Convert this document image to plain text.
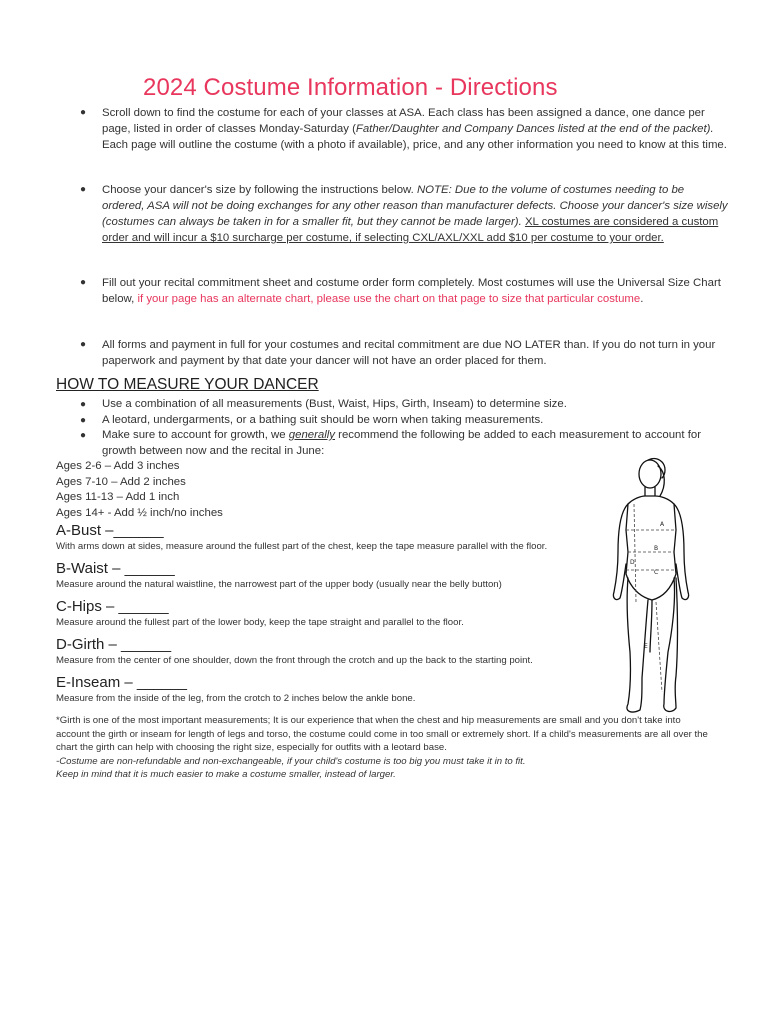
2024 Costume Information - Directions
● Scroll down to find the costume for each of your classes at ASA. Each class has been assigned a dance, one dance per page, listed in order of classes Monday-Saturday (Father/Daughter and Company Dances listed at the end of the packet). Each page will outline the costume (with a photo if available), price, and any other information you need to know at this time.
● Choose your dancer's size by following the instructions below. NOTE: Due to the volume of costumes needing to be ordered, ASA will not be doing exchanges for any other reason than manufacturer defects. Choose your dancer's size wisely (costumes can always be taken in for a smaller fit, but they cannot be made larger). XL costumes are considered a custom order and will incur a $10 surcharge per costume, if selecting CXL/AXL/XXL add $10 per costume to your order.
● Fill out your recital commitment sheet and costume order form completely. Most costumes will use the Universal Size Chart below, if your page has an alternate chart, please use the chart on that page to size that particular costume.
● All forms and payment in full for your costumes and recital commitment are due NO LATER than. If you do not turn in your paperwork and payment by that date your dancer will not have an order placed for them.
HOW TO MEASURE YOUR DANCER
● Use a combination of all measurements (Bust, Waist, Hips, Girth, Inseam) to determine size.
● A leotard, undergarments, or a bathing suit should be worn when taking measurements.
● Make sure to account for growth, we generally recommend the following be added to each measurement to account for growth between now and the recital in June:
Ages 2-6 – Add 3 inches
Ages 7-10 – Add 2 inches
Ages 11-13 – Add 1 inch
Ages 14+ - Add ½ inch/no inches
A-Bust –______
With arms down at sides, measure around the fullest part of the chest, keep the tape measure parallel with the floor.
B-Waist – ______
Measure around the natural waistline, the narrowest part of the upper body (usually near the belly button)
C-Hips – ______
Measure around the fullest part of the lower body, keep the tape straight and parallel to the floor.
D-Girth – ______
Measure from the center of one shoulder, down the front through the crotch and up the back to the starting point.
E-Inseam – ______
Measure from the inside of the leg, from the crotch to 2 inches below the ankle bone.
A
B
C
D
E

*Girth is one of the most important measurements; It is our experience that when the chest and hip measurements are small and you don't take into account the girth or inseam for length of legs and torso, the costume could come in too small or extremely short. If a child's measurements are all over the chart the girth can help with choosing the right size, especially for outfits with a leotard base.

-Costume are non-refundable and non-exchangeable, if your child's costume is too big you must take it in to fit.

Keep in mind that it is much easier to make a costume smaller, instead of larger.
